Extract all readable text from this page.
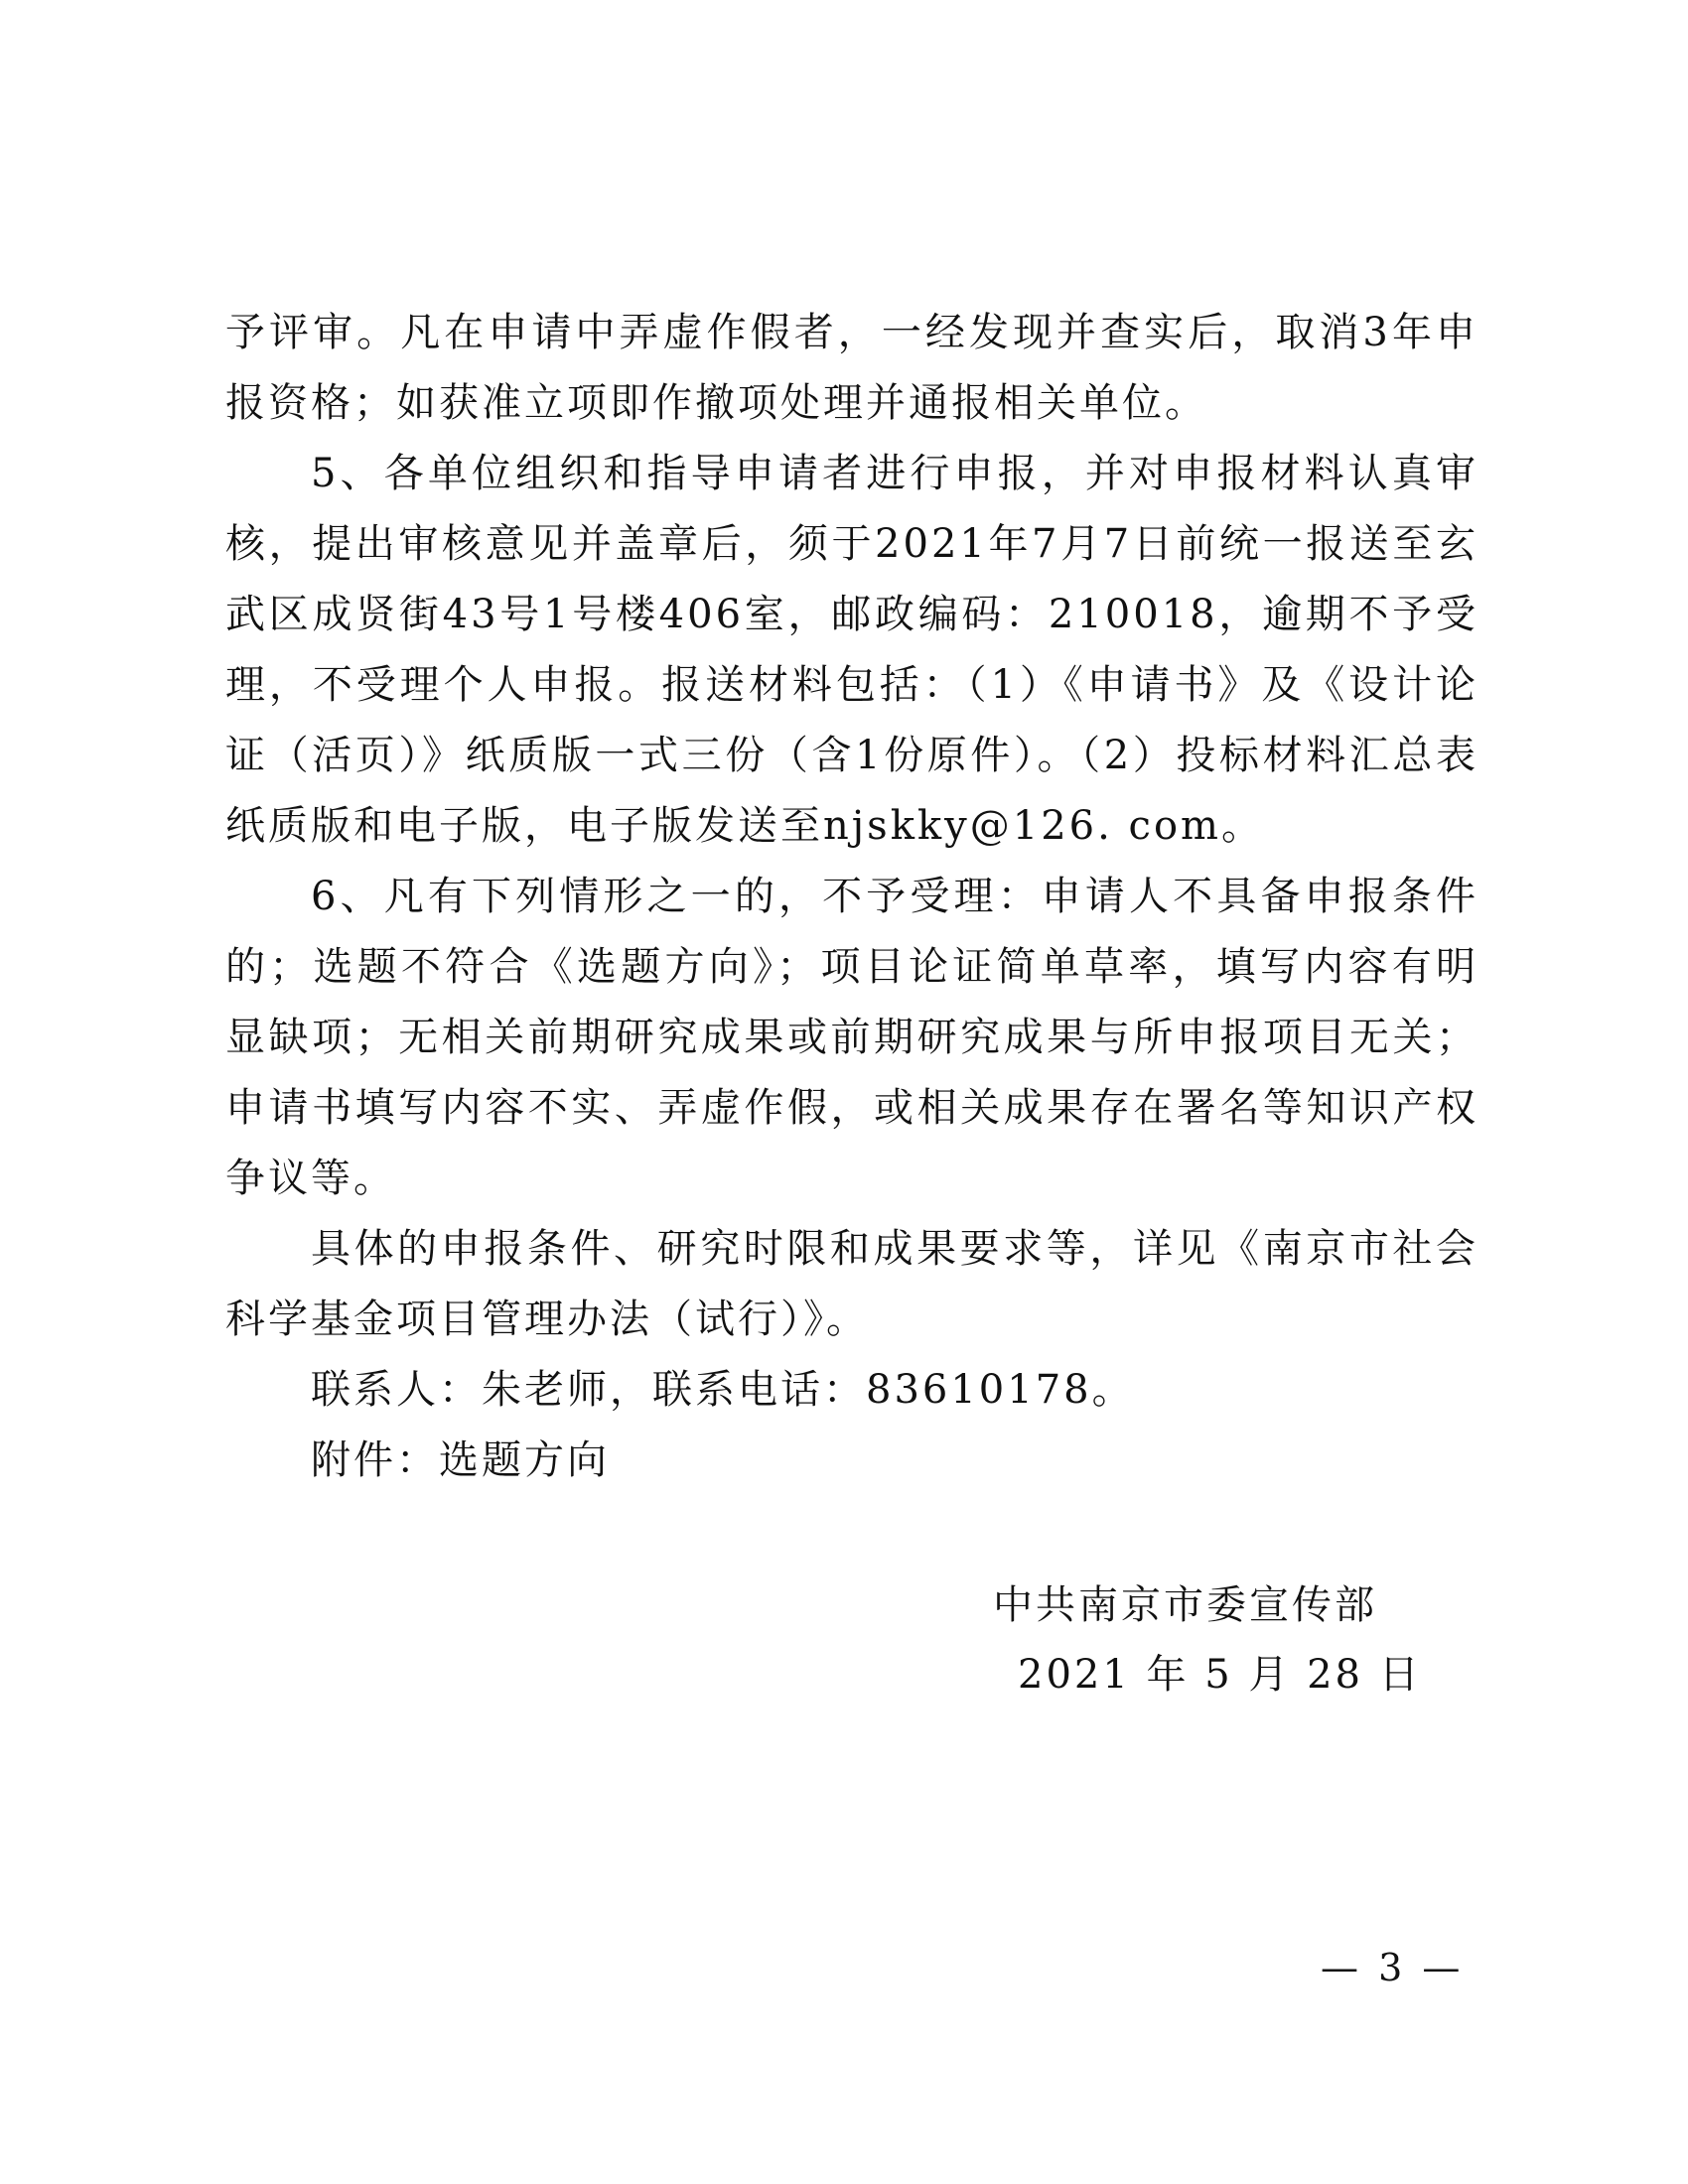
予评审。凡在申请中弄虚作假者，一经发现并查实后，取消3年申报资格；如获准立项即作撤项处理并通报相关单位。

5、各单位组织和指导申请者进行申报，并对申报材料认真审核，提出审核意见并盖章后，须于2021年7月7日前统一报送至玄武区成贤街43号1号楼406室，邮政编码：210018，逾期不予受理，不受理个人申报。报送材料包括：（1）《申请书》及《设计论证（活页）》纸质版一式三份（含1份原件）。（2）投标材料汇总表纸质版和电子版，电子版发送至njskky@126. com。

6、凡有下列情形之一的，不予受理：申请人不具备申报条件的；选题不符合《选题方向》；项目论证简单草率，填写内容有明显缺项；无相关前期研究成果或前期研究成果与所申报项目无关；申请书填写内容不实、弄虚作假，或相关成果存在署名等知识产权争议等。

具体的申报条件、研究时限和成果要求等，详见《南京市社会科学基金项目管理办法（试行）》。

联系人：朱老师，联系电话：83610178。

附件：选题方向

中共南京市委宣传部
2021 年 5 月 28 日
— 3 —
